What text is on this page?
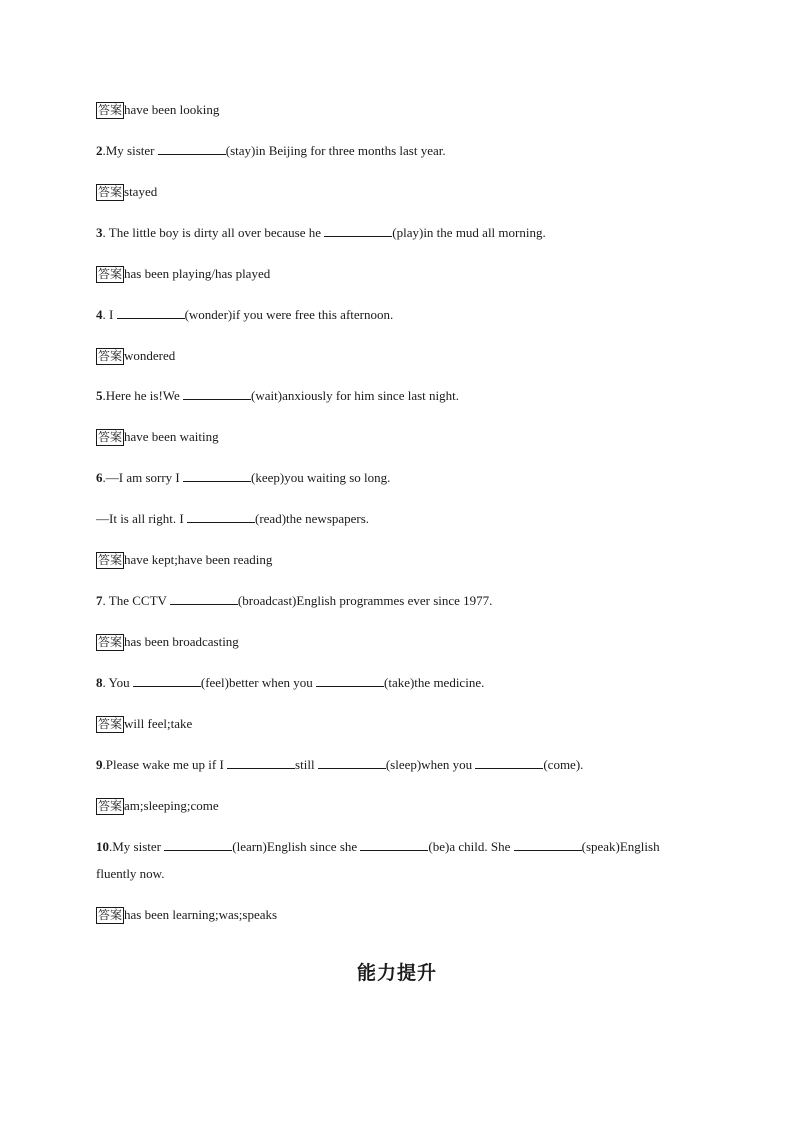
答案 have been looking
2.My sister	(stay)in Beijing for three months last year.
答案 stayed
3. The little boy is dirty all over because he	(play)in the mud all morning.
答案 has been playing/has played
4. I	(wonder)if you were free this afternoon.
答案 wondered
5.Here he is!We	(wait)anxiously for him since last night.
答案 have been waiting
6.—I am sorry I	(keep)you waiting so long.
—It is all right. I	(read)the newspapers.
答案 have kept;have been reading
7. The CCTV	(broadcast)English programmes ever since 1977.
答案 has been broadcasting
8. You	(feel)better when you	(take)the medicine.
答案 will feel;take
9.Please wake me up if I	still	(sleep)when you	(come).
答案 am;sleeping;come
10.My sister	(learn)English since she	(be)a child. She	(speak)English
fluently now.
答案 has been learning;was;speaks
能力提升
